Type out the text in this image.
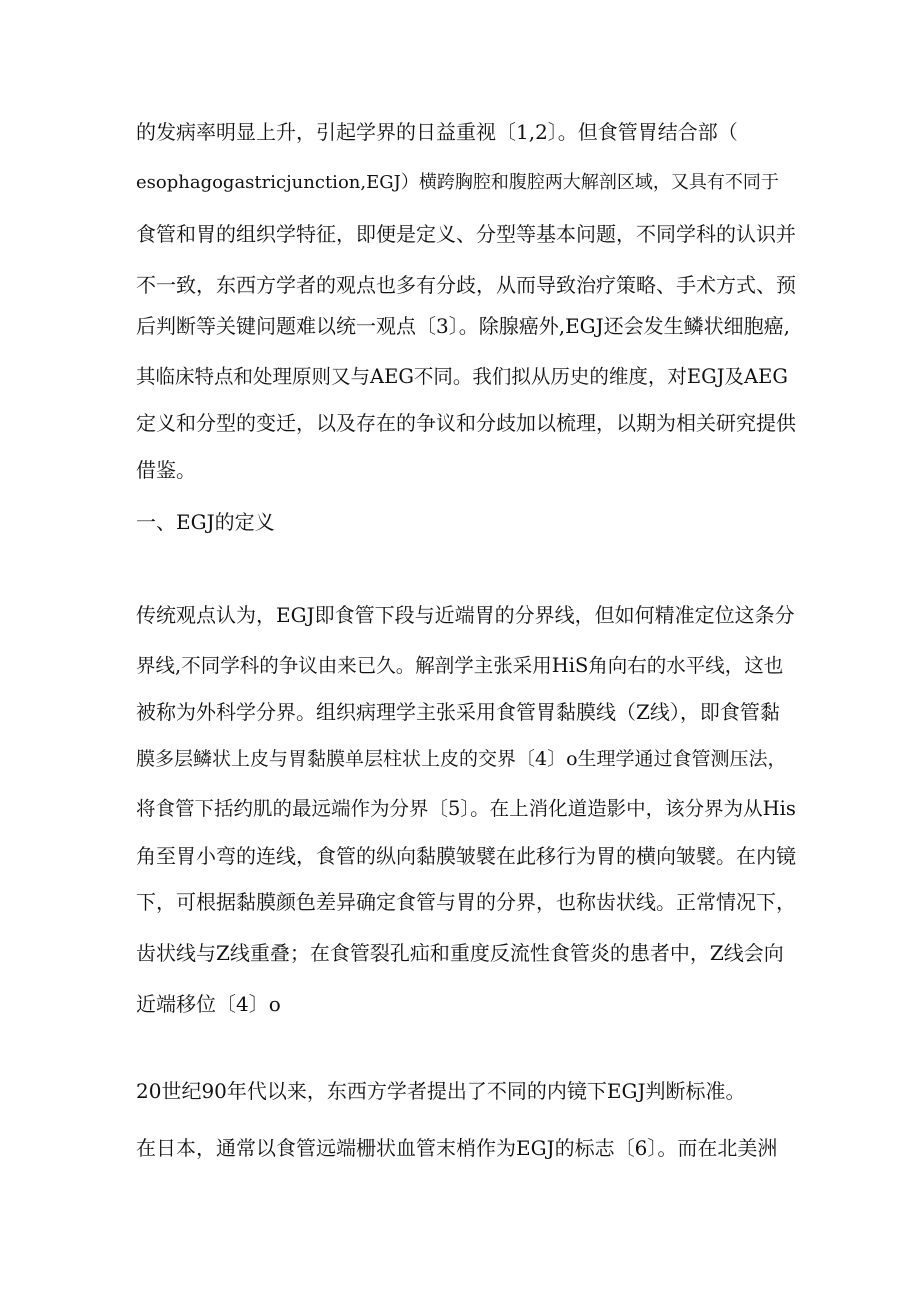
的发病率明显上升，引起学界的日益重视〔1,2〕。但食管胃结合部（

esophagogastricjunction,EGJ）横跨胸腔和腹腔两大解剖区域，又具有不同于

食管和胃的组织学特征，即便是定义、分型等基本问题，不同学科的认识并

不一致，东西方学者的观点也多有分歧，从而导致治疗策略、手术方式、预

后判断等关键问题难以统一观点〔3〕。除腺癌外,EGJ还会发生鳞状细胞癌,

其临床特点和处理原则又与AEG不同。我们拟从历史的维度，对EGJ及AEG

定义和分型的变迁，以及存在的争议和分歧加以梳理，以期为相关研究提供

借鉴。

一、EGJ的定义

传统观点认为，EGJ即食管下段与近端胃的分界线，但如何精准定位这条分

界线,不同学科的争议由来已久。解剖学主张采用HiS角向右的水平线，这也

被称为外科学分界。组织病理学主张采用食管胃黏膜线（Z线），即食管黏

膜多层鳞状上皮与胃黏膜单层柱状上皮的交界〔4〕o生理学通过食管测压法，

将食管下括约肌的最远端作为分界〔5〕。在上消化道造影中，该分界为从His

角至胃小弯的连线，食管的纵向黏膜皱襞在此移行为胃的横向皱襞。在内镜

下，可根据黏膜颜色差异确定食管与胃的分界，也称齿状线。正常情况下，

齿状线与Z线重叠；在食管裂孔疝和重度反流性食管炎的患者中，Z线会向

近端移位〔4〕o

20世纪90年代以来，东西方学者提出了不同的内镜下EGJ判断标准。

在日本，通常以食管远端栅状血管末梢作为EGJ的标志〔6〕。而在北美洲
